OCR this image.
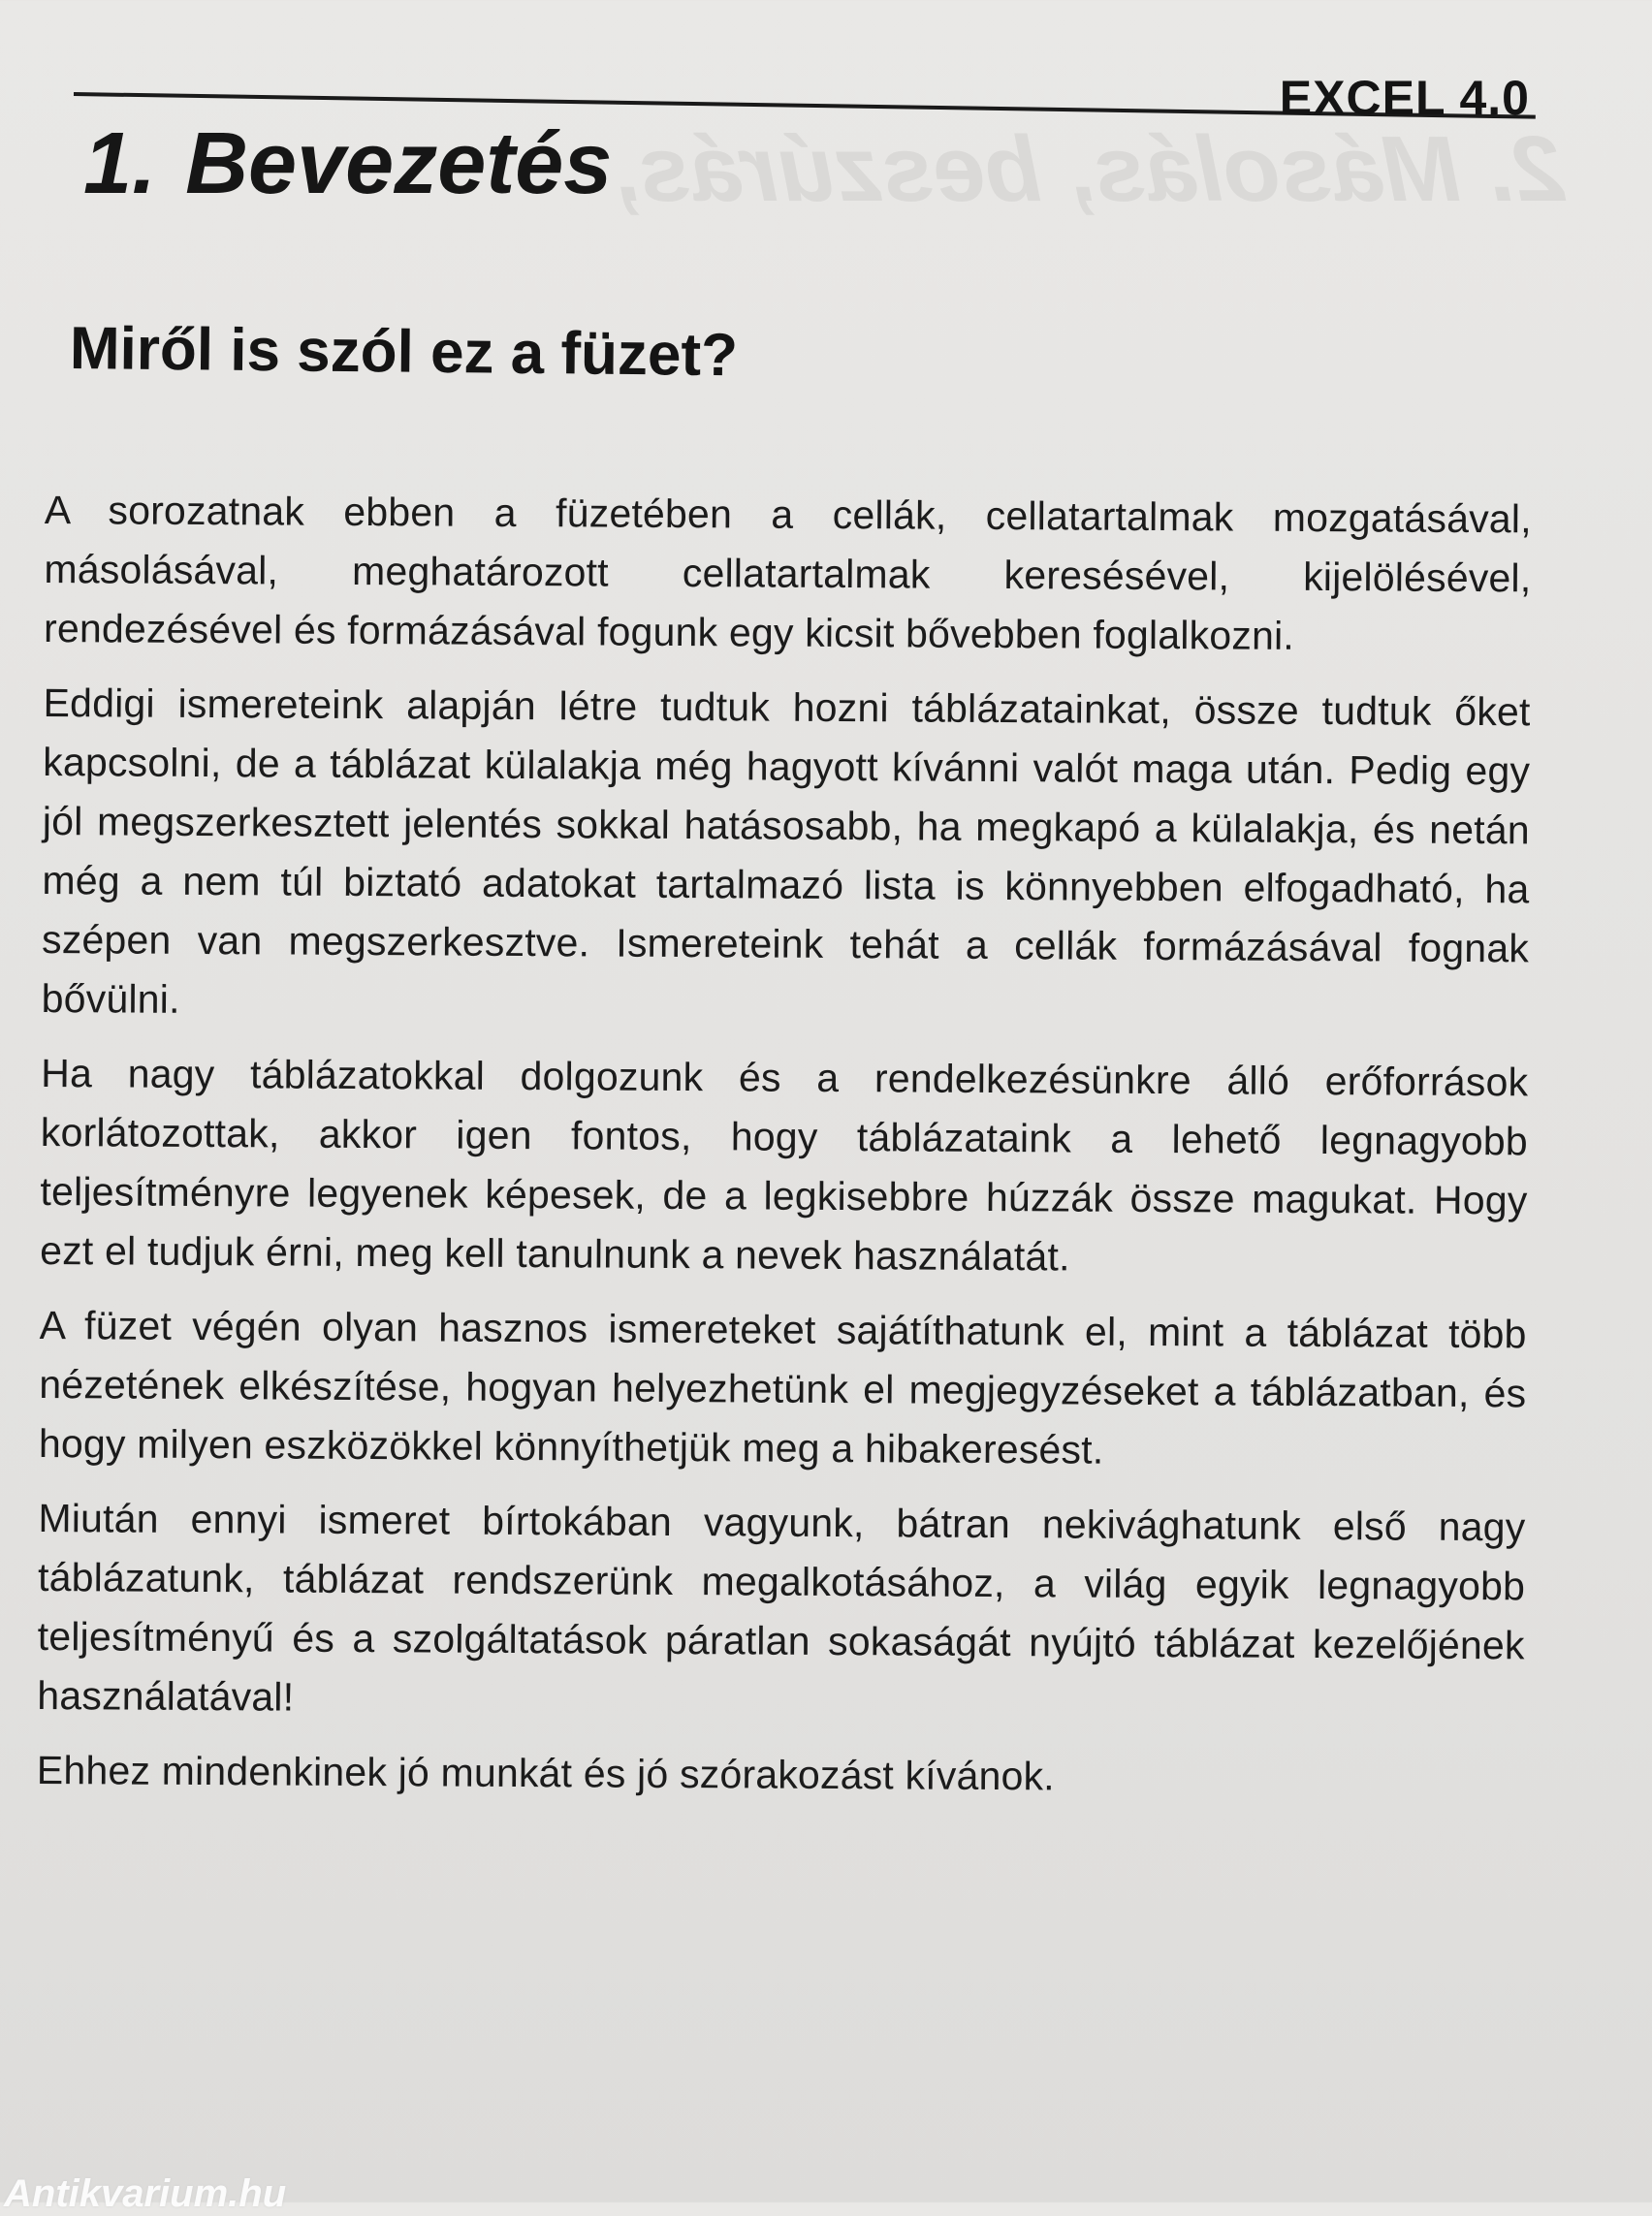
2. Másolás, beszúrás,
EXCEL 4.0
1. Bevezetés
Miről is szól ez a füzet?

A sorozatnak ebben a füzetében a cellák, cellatartalmak mozgatásával, másolásával, meghatározott cellatartalmak keresésével, kijelölésével, rendezésével és formázásával fogunk egy kicsit bővebben foglalkozni.

Eddigi ismereteink alapján létre tudtuk hozni táblázatainkat, össze tudtuk őket kapcsolni, de a táblázat külalakja még hagyott kívánni valót maga után. Pedig egy jól megszerkesztett jelentés sokkal hatásosabb, ha megkapó a külalakja, és netán még a nem túl biztató adatokat tartalmazó lista is könnyebben elfogadható, ha szépen van megszerkesztve. Ismereteink tehát a cellák formázásával fognak bővülni.

Ha nagy táblázatokkal dolgozunk és a rendelkezésünkre álló erőforrások korlátozottak, akkor igen fontos, hogy táblázataink a lehető legnagyobb teljesítményre legyenek képesek, de a legkisebbre húzzák össze magukat. Hogy ezt el tudjuk érni, meg kell tanulnunk a nevek használatát.

A füzet végén olyan hasznos ismereteket sajátíthatunk el, mint a táblázat több nézetének elkészítése, hogyan helyezhetünk el megjegyzéseket a táblázatban, és hogy milyen eszközökkel könnyíthetjük meg a hibakeresést.

Miután ennyi ismeret bírtokában vagyunk, bátran nekivághatunk első nagy táblázatunk, táblázat rendszerünk megalkotásához, a világ egyik legnagyobb teljesítményű és a szolgáltatások páratlan sokaságát nyújtó táblázat kezelőjének használatával!

Ehhez mindenkinek jó munkát és jó szórakozást kívánok.

Antikvarium.hu
